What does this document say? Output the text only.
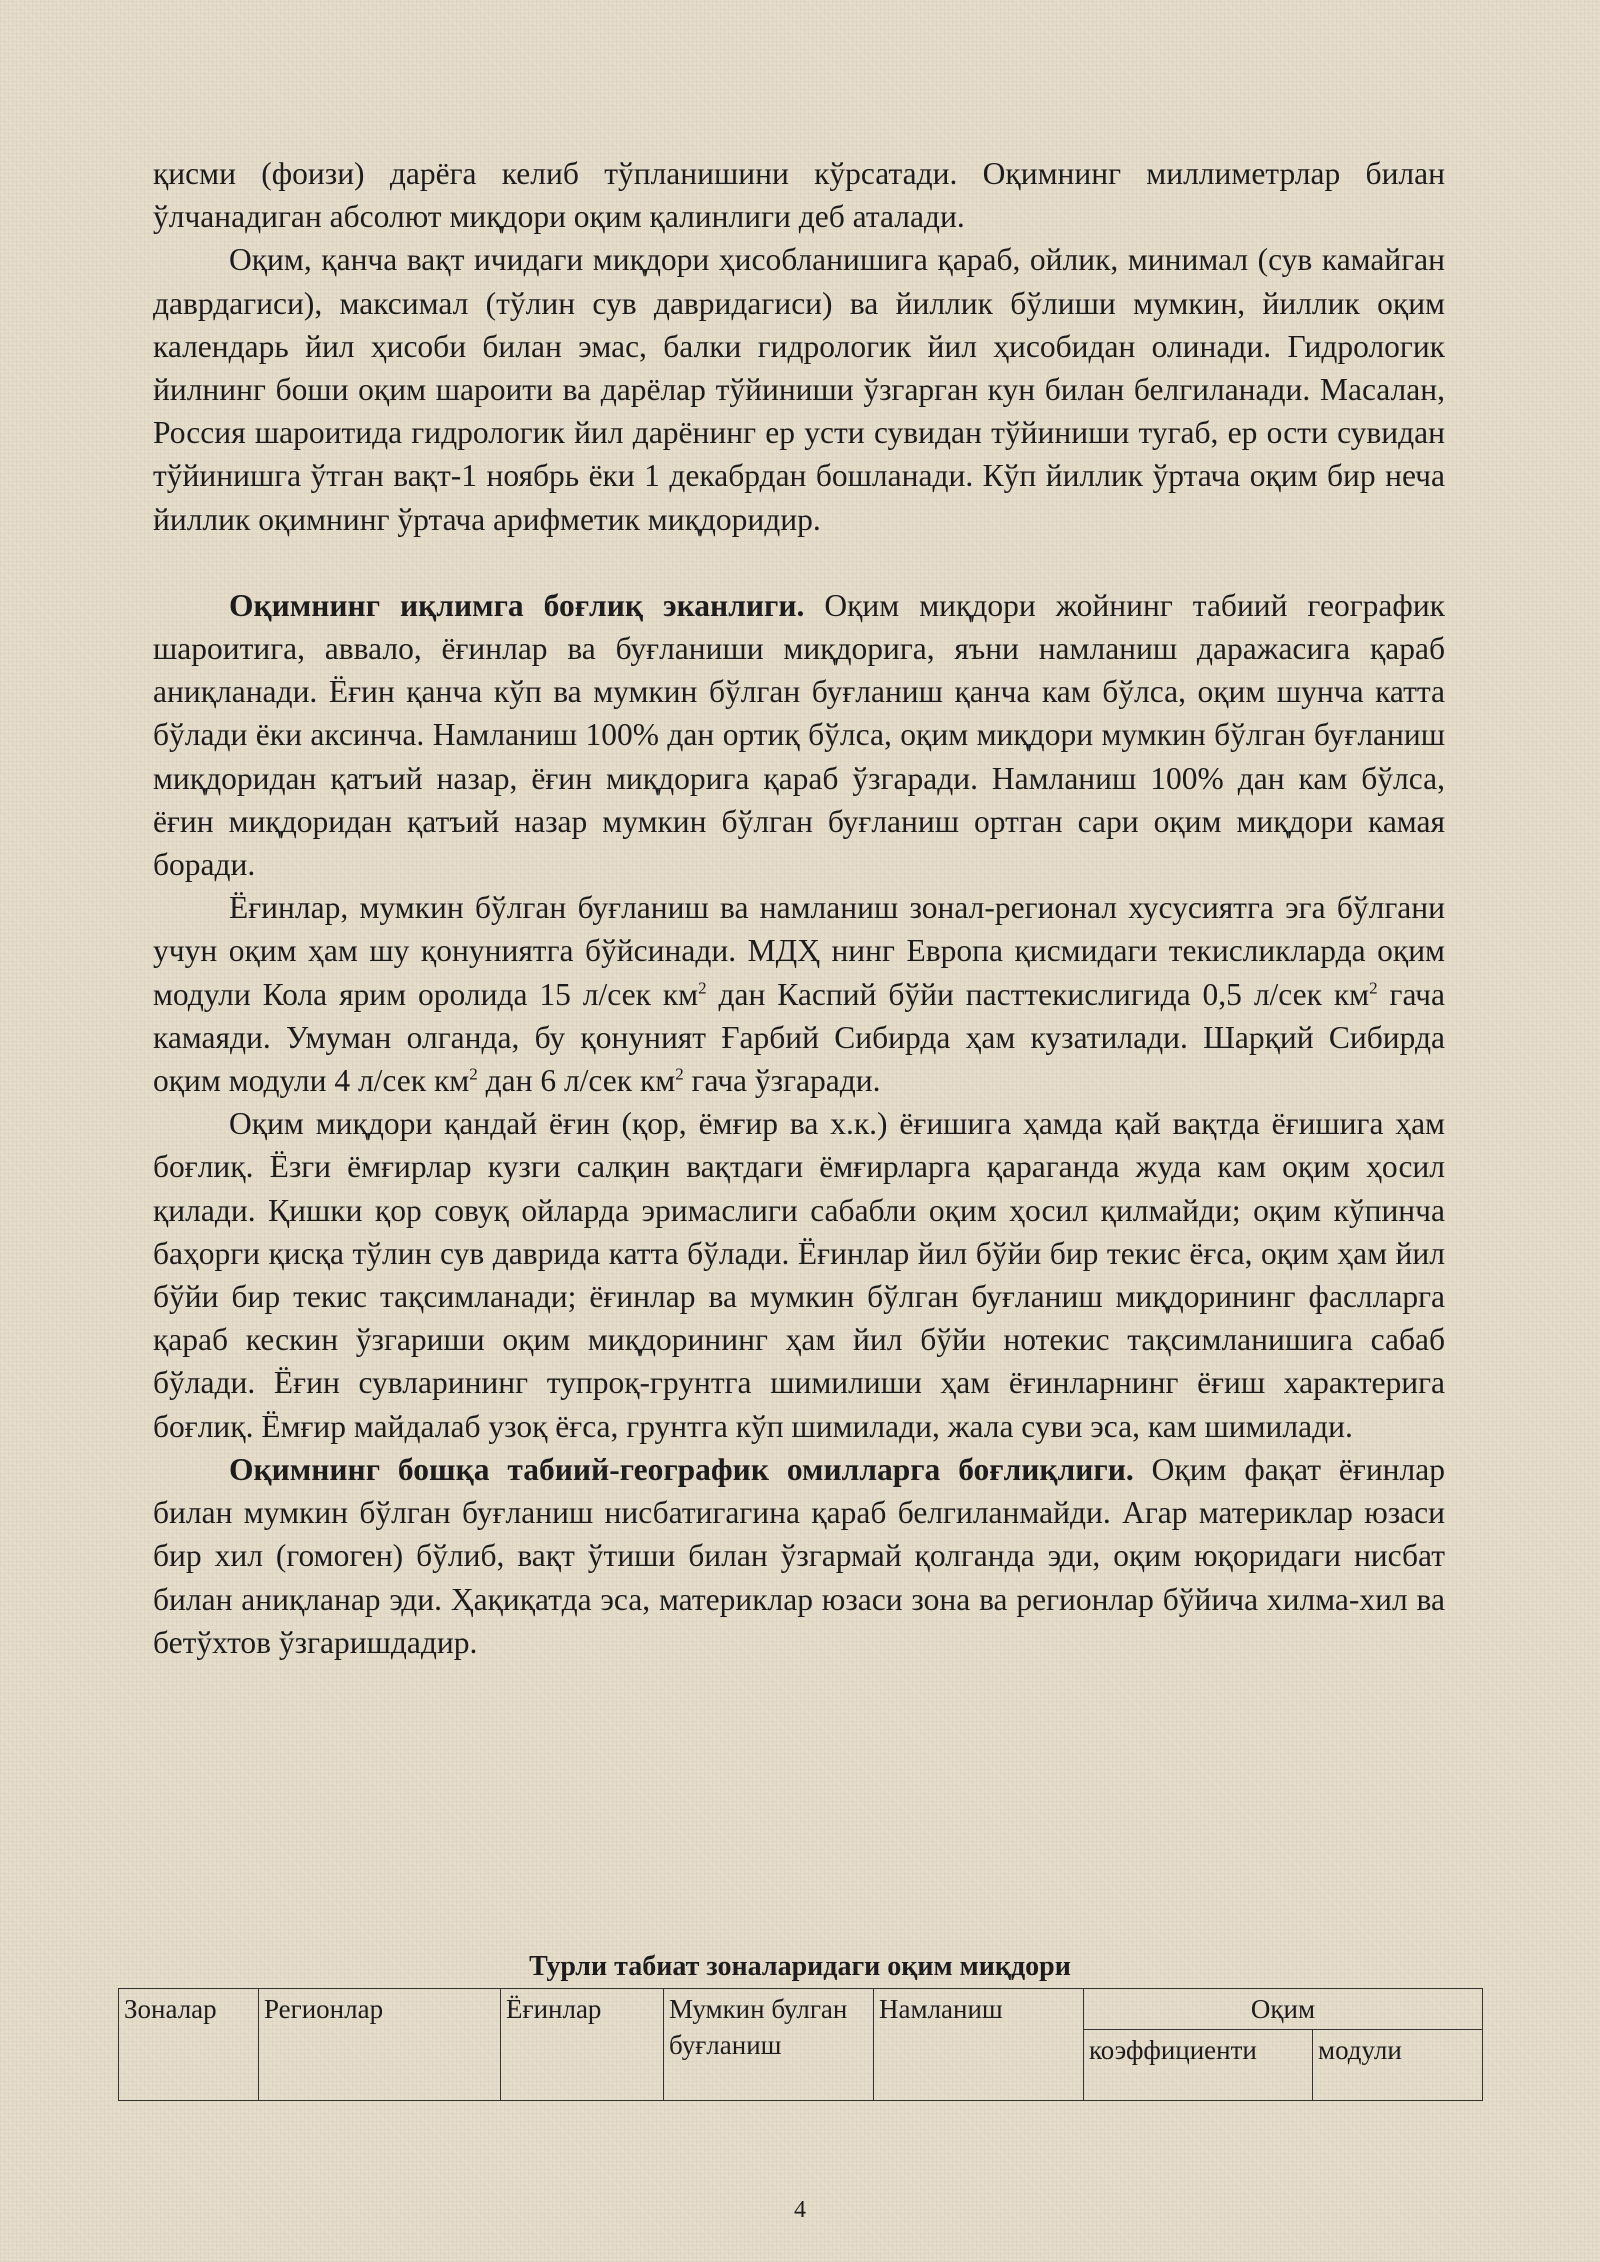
қисми (фоизи) дарёга келиб тўпланишини кўрсатади. Оқимнинг миллиметрлар билан ўлчанадиган абсолют миқдори оқим қалинлиги деб аталади.

Оқим, қанча вақт ичидаги миқдори ҳисобланишига қараб, ойлик, минимал (сув камайган даврдагиси), максимал (тўлин сув давридагиси) ва йиллик бўлиши мумкин, йиллик оқим календарь йил ҳисоби билан эмас, балки гидрологик йил ҳисобидан олинади. Гидрологик йилнинг боши оқим шароити ва дарёлар тўйиниши ўзгарган кун билан белгиланади. Масалан, Россия шароитида гидрологик йил дарёнинг ер усти сувидан тўйиниши тугаб, ер ости сувидан тўйинишга ўтган вақт-1 ноябрь ёки 1 декабрдан бошланади. Кўп йиллик ўртача оқим бир неча йиллик оқимнинг ўртача арифметик миқдоридир.

Оқимнинг иқлимга боғлиқ эканлиги. Оқим миқдори жойнинг табиий географик шароитига, аввало, ёғинлар ва буғланиши миқдорига, яъни намланиш даражасига қараб аниқланади. Ёғин қанча кўп ва мумкин бўлган буғланиш қанча кам бўлса, оқим шунча катта бўлади ёки аксинча. Намланиш 100% дан ортиқ бўлса, оқим миқдори мумкин бўлган буғланиш миқдоридан қатъий назар, ёғин миқдорига қараб ўзгаради. Намланиш 100% дан кам бўлса, ёғин миқдоридан қатъий назар мумкин бўлган буғланиш ортган сари оқим миқдори камая боради.

Ёғинлар, мумкин бўлган буғланиш ва намланиш зонал-регионал хусусиятга эга бўлгани учун оқим ҳам шу қонуниятга бўйсинади. МДҲ нинг Европа қисмидаги текисликларда оқим модули Кола ярим оролида 15 л/сек $км^2$ дан Каспий бўйи пасттекислигида 0,5 л/сек $км^2$ гача камаяди. Умуман олганда, бу қонуният Ғарбий Сибирда ҳам кузатилади. Шарқий Сибирда оқим модули 4 л/сек $км^2$ дан 6 л/сек $км^2$ гача ўзгаради.

Оқим миқдори қандай ёғин (қор, ёмғир ва х.к.) ёғишига ҳамда қай вақтда ёғишига ҳам боғлиқ. Ёзги ёмғирлар кузги салқин вақтдаги ёмғирларга қараганда жуда кам оқим ҳосил қилади. Қишки қор совуқ ойларда эримаслиги сабабли оқим ҳосил қилмайди; оқим кўпинча баҳорги қисқа тўлин сув даврида катта бўлади. Ёғинлар йил бўйи бир текис ёғса, оқим ҳам йил бўйи бир текис тақсимланади; ёғинлар ва мумкин бўлган буғланиш миқдорининг фаслларга қараб кескин ўзгариши оқим миқдорининг ҳам йил бўйи нотекис тақсимланишига сабаб бўлади. Ёғин сувларининг тупроқ-грунтга шимилиши ҳам ёғинларнинг ёғиш характерига боғлиқ. Ёмғир майдалаб узоқ ёғса, грунтга кўп шимилади, жала суви эса, кам шимилади.

Оқимнинг бошқа табиий-географик омилларга боғлиқлиги. Оқим фақат ёғинлар билан мумкин бўлган буғланиш нисбатигагина қараб белгиланмайди. Агар материклар юзаси бир хил (гомоген) бўлиб, вақт ўтиши билан ўзгармай қолганда эди, оқим юқоридаги нисбат билан аниқланар эди. Ҳақиқатда эса, материклар юзаси зона ва регионлар бўйича хилма-хил ва бетўхтов ўзгаришдадир.

Турли табиат зоналаридаги оқим миқдори
Зоналар	Регионлар	Ёғинлар	Мумкин булган буғланиш	Намланиш	Оқим	
					коэффициенти	модули
4
